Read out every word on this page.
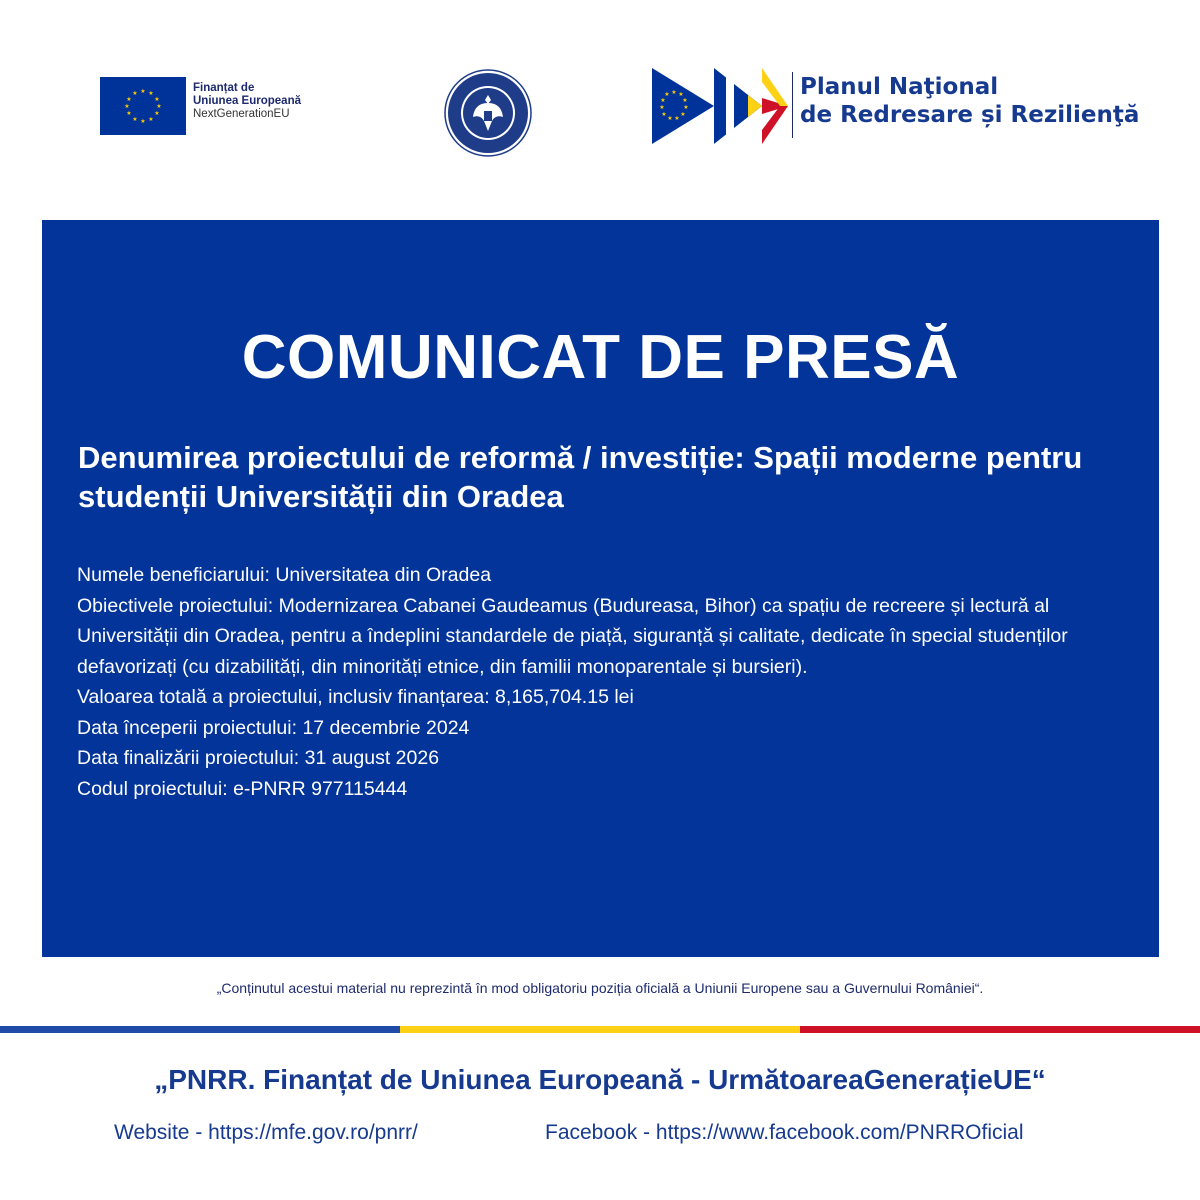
★ ★
★
★
★
★
★
★
★
★
★
★	Finanțat de
Uniunea Europeană
NextGenerationEU
★ ★
★
★
★
★
★
★
★
★
★	Planul Naţional
de Redresare și Rezilienţă
COMUNICAT DE PRESĂ
Denumirea proiectului de reformă / investiție: Spații moderne pentru studenții Universității din Oradea

Numele beneficiarului: Universitatea din Oradea

Obiectivele proiectului: Modernizarea Cabanei Gaudeamus (Budureasa, Bihor) ca spațiu de recreere și lectură al Universității din Oradea, pentru a îndeplini standardele de piață, siguranță și calitate, dedicate în special studenților defavorizați (cu dizabilități, din minorități etnice, din familii monoparentale și bursieri).

Valoarea totală a proiectului, inclusiv finanțarea: 8,165,704.15 lei

Data începerii proiectului: 17 decembrie 2024

Data finalizării proiectului: 31 august 2026

Codul proiectului: e-PNRR 977115444

„Conținutul acestui material nu reprezintă în mod obligatoriu poziția oficială a Uniunii Europene sau a Guvernului României“.
„PNRR. Finanțat de Uniunea Europeană - UrmătoareaGenerațieUE“
Website - https://mfe.gov.ro/pnrr/	Facebook - https://www.facebook.com/PNRROficial
